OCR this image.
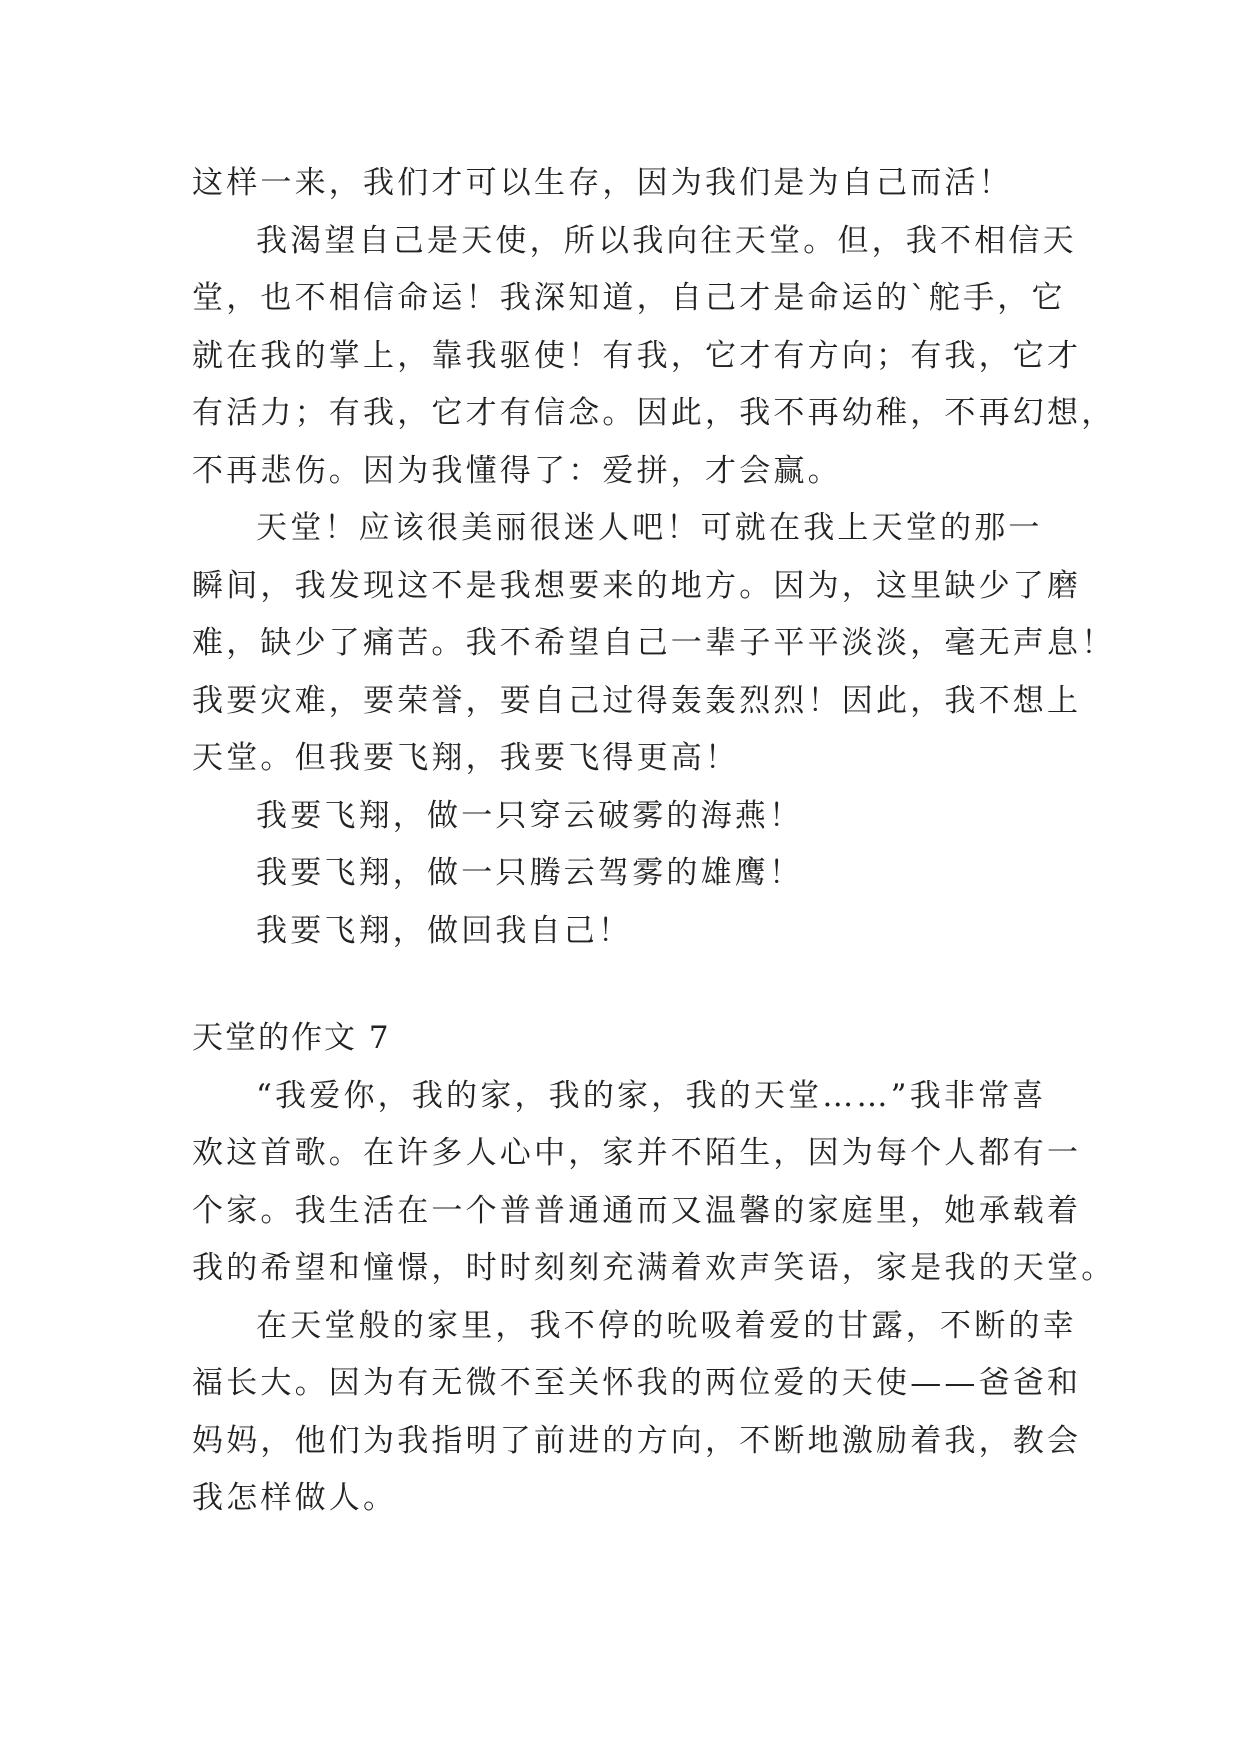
这样一来，我们才可以生存，因为我们是为自己而活！
我渴望自己是天使，所以我向往天堂。但，我不相信天
堂，也不相信命运！我深知道，自己才是命运的`舵手，它
就在我的掌上，靠我驱使！有我，它才有方向；有我，它才
有活力；有我，它才有信念。因此，我不再幼稚，不再幻想，
不再悲伤。因为我懂得了：爱拼，才会赢。
天堂！应该很美丽很迷人吧！可就在我上天堂的那一
瞬间，我发现这不是我想要来的地方。因为，这里缺少了磨
难，缺少了痛苦。我不希望自己一辈子平平淡淡，毫无声息！
我要灾难，要荣誉，要自己过得轰轰烈烈！因此，我不想上
天堂。但我要飞翔，我要飞得更高！
我要飞翔，做一只穿云破雾的海燕！
我要飞翔，做一只腾云驾雾的雄鹰！
我要飞翔，做回我自己！
天堂的作文 7
“我爱你，我的家，我的家，我的天堂……”我非常喜
欢这首歌。在许多人心中，家并不陌生，因为每个人都有一
个家。我生活在一个普普通通而又温馨的家庭里，她承载着
我的希望和憧憬，时时刻刻充满着欢声笑语，家是我的天堂。
在天堂般的家里，我不停的吮吸着爱的甘露，不断的幸
福长大。因为有无微不至关怀我的两位爱的天使——爸爸和
妈妈，他们为我指明了前进的方向，不断地激励着我，教会
我怎样做人。
